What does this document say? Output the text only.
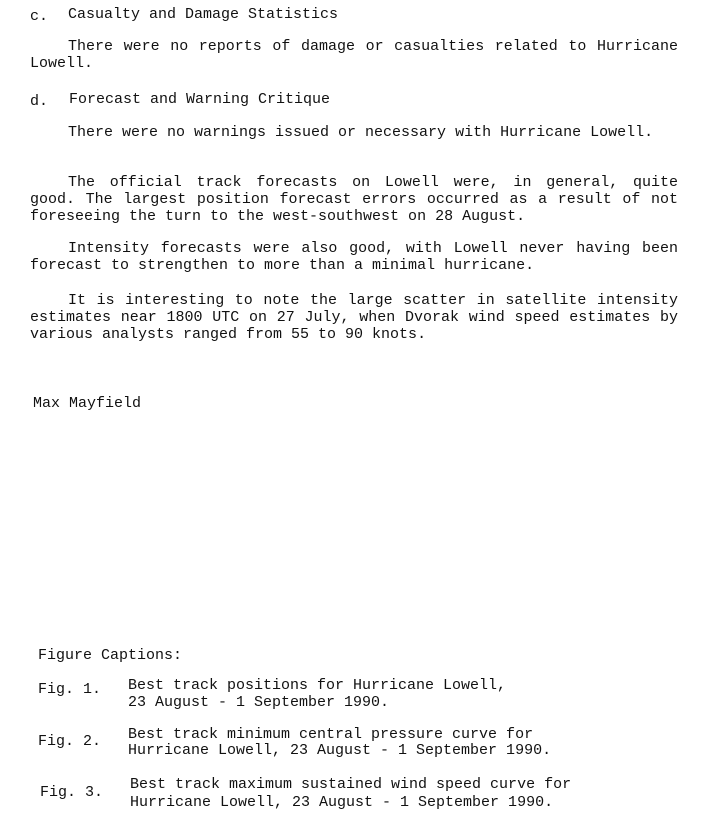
c. Casualty and Damage Statistics
There were no reports of damage or casualties related to Hurricane Lowell.
d. Forecast and Warning Critique
There were no warnings issued or necessary with Hurricane Lowell.
The official track forecasts on Lowell were, in general, quite good. The largest position forecast errors occurred as a result of not foreseeing the turn to the west-southwest on 28 August.
Intensity forecasts were also good, with Lowell never having been forecast to strengthen to more than a minimal hurricane.
It is interesting to note the large scatter in satellite intensity estimates near 1800 UTC on 27 July, when Dvorak wind speed estimates by various analysts ranged from 55 to 90 knots.
Max Mayfield
Figure Captions:
Fig. 1. Best track positions for Hurricane Lowell,
23 August - 1 September 1990.
Fig. 2. Best track minimum central pressure curve for
Hurricane Lowell, 23 August - 1 September 1990.
Fig. 3. Best track maximum sustained wind speed curve for
Hurricane Lowell, 23 August - 1 September 1990.
